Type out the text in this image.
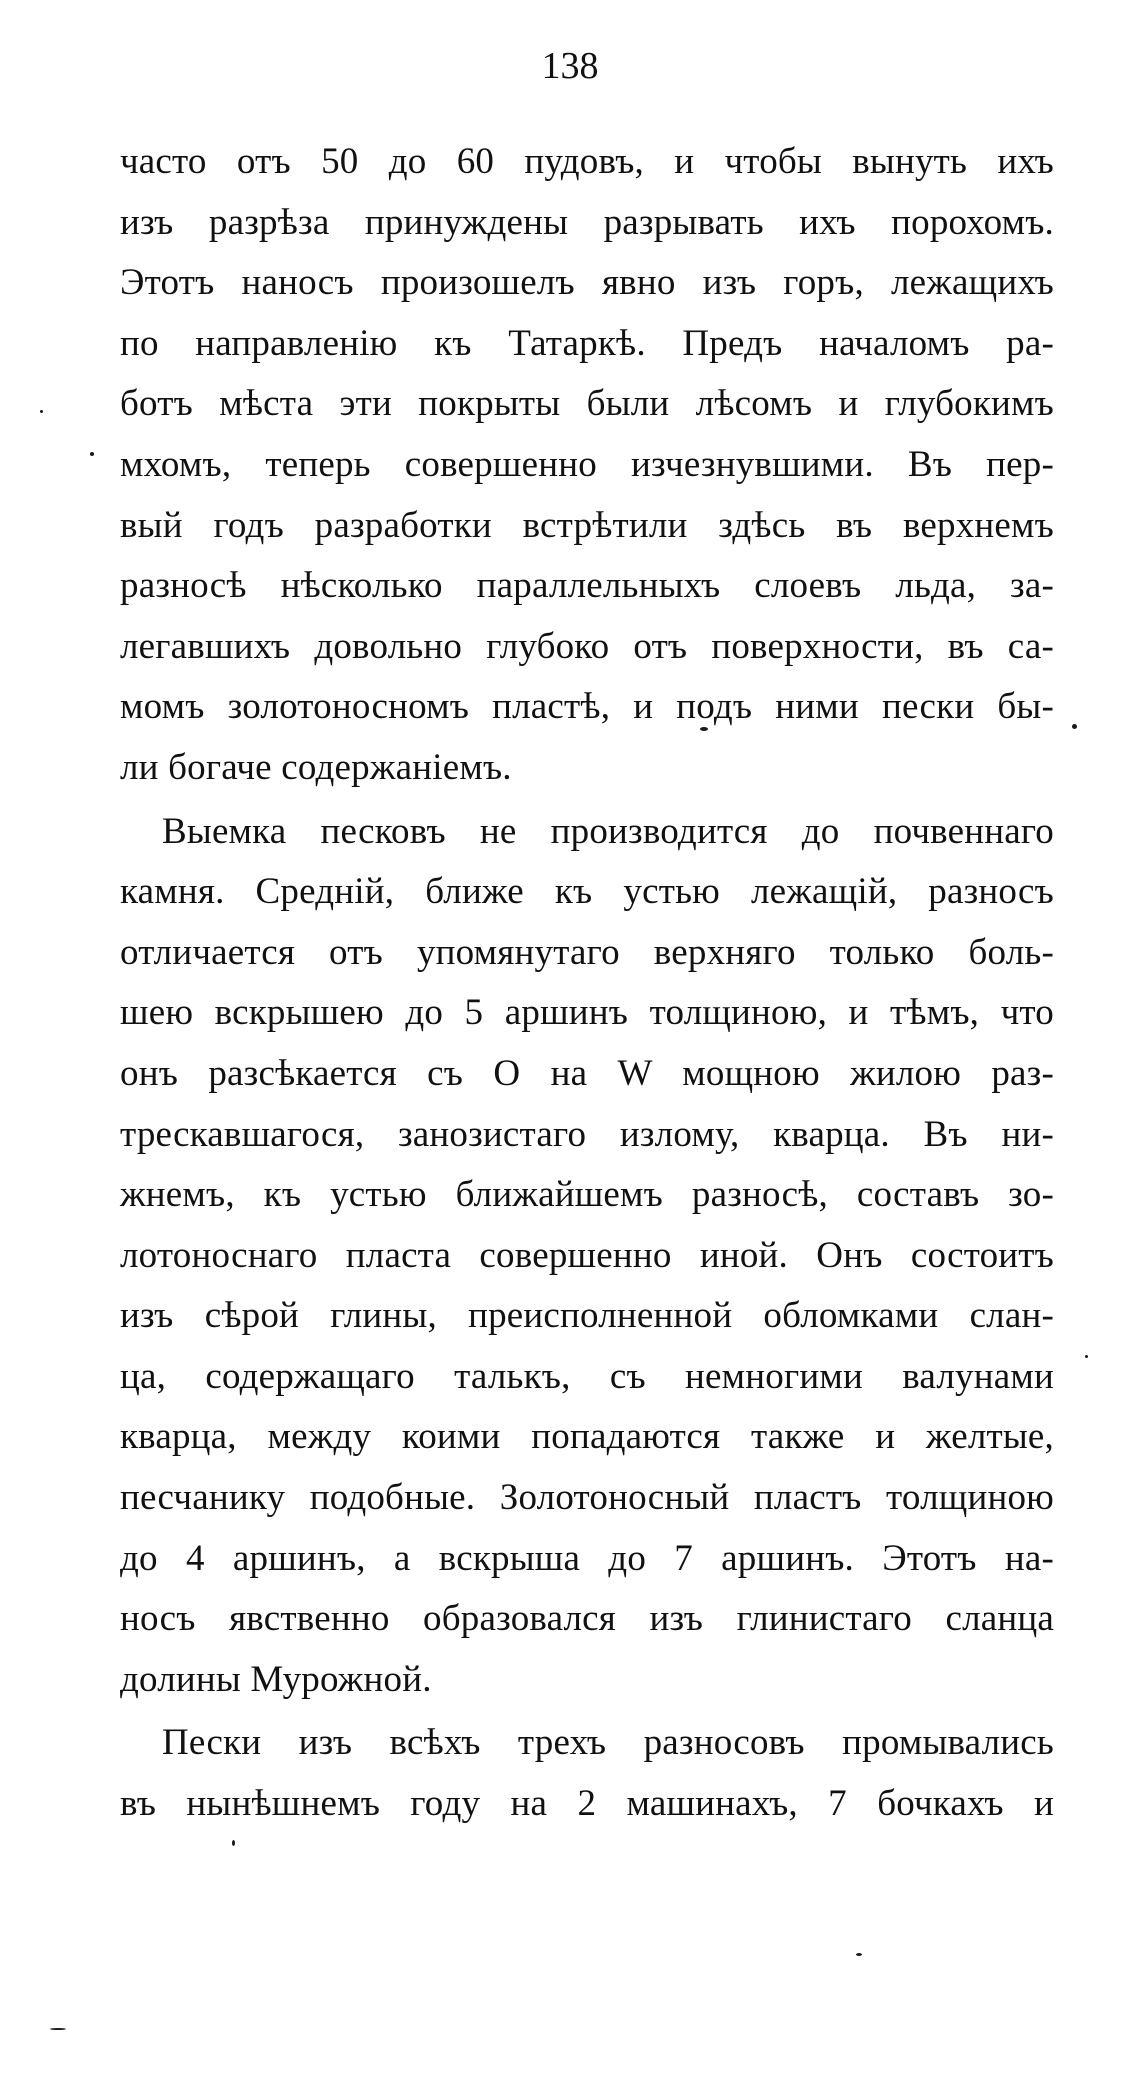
138
часто отъ 50 до 60 пудовъ, и чтобы вынуть ихъ
изъ разрѣза принуждены разрывать ихъ порохомъ.
Этотъ наносъ произошелъ явно изъ горъ, лежащихъ
по направленію къ Татаркѣ. Предъ началомъ ра-
ботъ мѣста эти покрыты были лѣсомъ и глубокимъ
мхомъ, теперь совершенно изчезнувшими. Въ пер-
вый годъ разработки встрѣтили здѣсь въ верхнемъ
разносѣ нѣсколько параллельныхъ слоевъ льда, за-
легавшихъ довольно глубоко отъ поверхности, въ са-
момъ золотоносномъ пластѣ, и подъ ними пески бы-
ли богаче содержаніемъ.
Выемка песковъ не производится до почвеннаго
камня. Средній, ближе къ устью лежащій, разносъ
отличается отъ упомянутаго верхняго только боль-
шею вскрышею до 5 аршинъ толщиною, и тѣмъ, что
онъ разсѣкается съ О на W мощною жилою раз-
трескавшагося, занозистаго излому, кварца. Въ ни-
жнемъ, къ устью ближайшемъ разносѣ, составъ зо-
лотоноснаго пласта совершенно иной. Онъ состоитъ
изъ сѣрой глины, преисполненной обломками слан-
ца, содержащаго талькъ, съ немногими валунами
кварца, между коими попадаются также и желтые,
песчанику подобные. Золотоносный пластъ толщиною
до 4 аршинъ, а вскрыша до 7 аршинъ. Этотъ на-
носъ явственно образовался изъ глинистаго сланца
долины Мурожной.
Пески изъ всѣхъ трехъ разносовъ промывались
въ нынѣшнемъ году на 2 машинахъ, 7 бочкахъ и
